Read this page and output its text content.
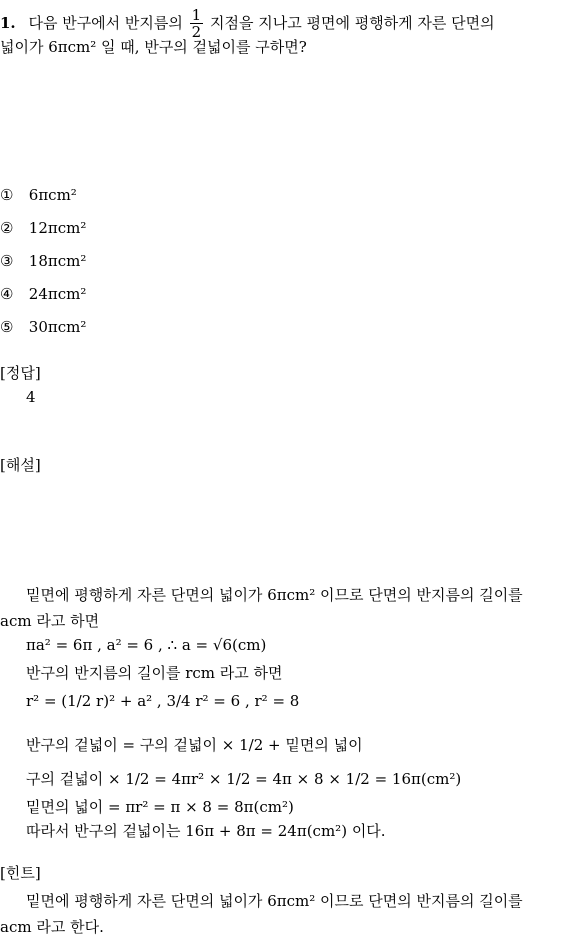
1. 다음 반구에서 반지름의 $\frac{1}{2}$ 지점을 지나고 평면에 평행하게 자른 단면의
넓이가 6πcm² 일 때, 반구의 겉넓이를 구하면?
① 6πcm²
② 12πcm²
③ 18πcm²
④ 24πcm²
⑤ 30πcm²
[정답]
4
[해설]
밑면에 평행하게 자른 단면의 넓이가 6πcm² 이므로 단면의 반지름의 길이를
acm 라고 하면
πa² = 6π , a² = 6 , ∴ a = √6(cm)
반구의 반지름의 길이를 rcm 라고 하면
r² = (1/2 r)² + a² , 3/4 r² = 6 , r² = 8
반구의 겉넓이 = 구의 겉넓이 × 1/2 + 밑면의 넓이
구의 겉넓이 × 1/2 = 4πr² × 1/2 = 4π × 8 × 1/2 = 16π(cm²)
밑면의 넓이 = πr² = π × 8 = 8π(cm²)
따라서 반구의 겉넓이는 16π + 8π = 24π(cm²) 이다.
[힌트]
밑면에 평행하게 자른 단면의 넓이가 6πcm² 이므로 단면의 반지름의 길이를
acm 라고 한다.
